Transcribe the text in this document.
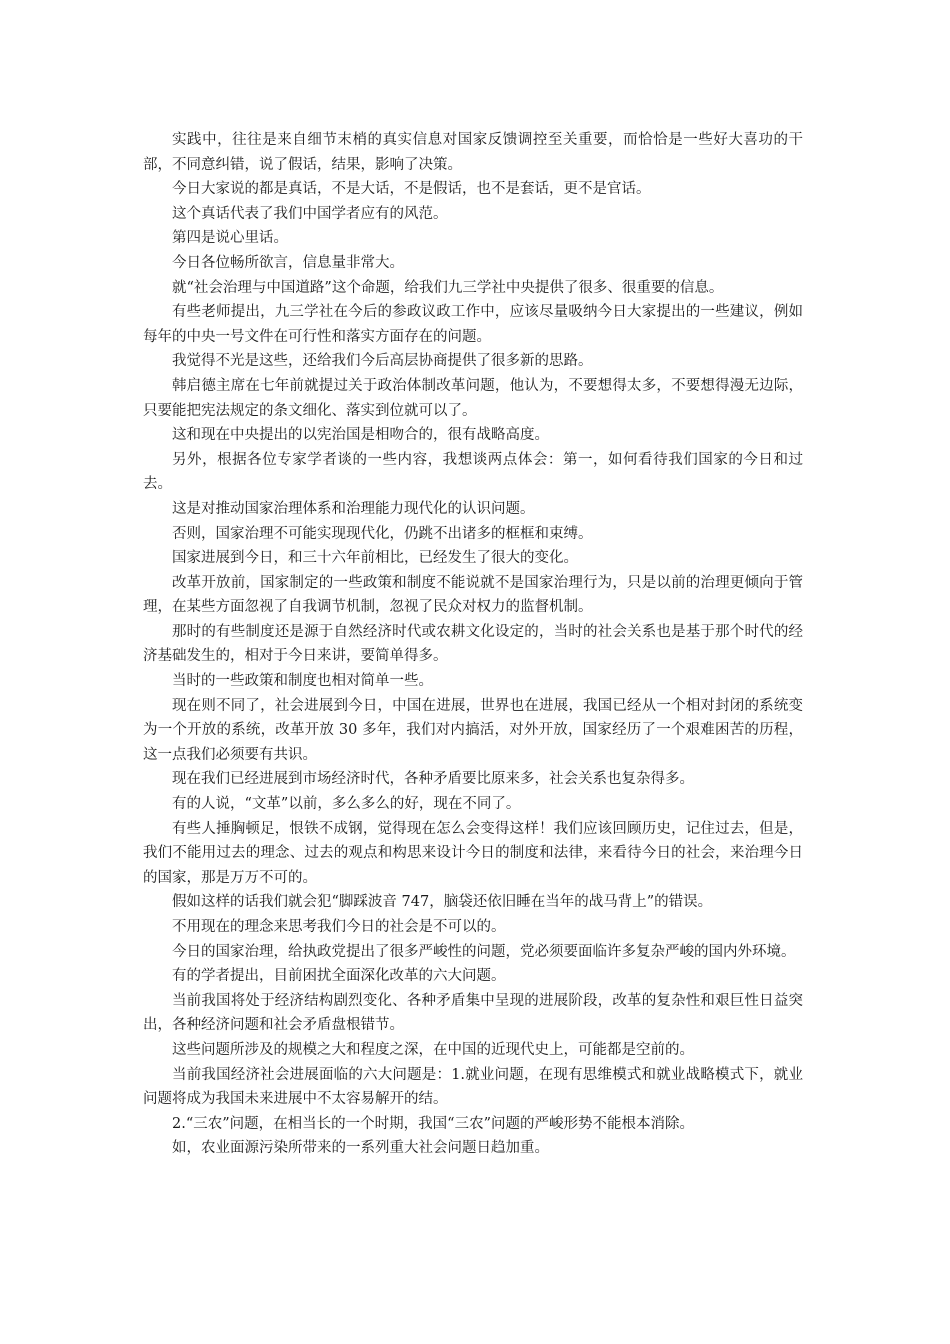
实践中，往往是来自细节末梢的真实信息对国家反馈调控至关重要，而恰恰是一些好大喜功的干部，不同意纠错，说了假话，结果，影响了决策。

今日大家说的都是真话，不是大话，不是假话，也不是套话，更不是官话。

这个真话代表了我们中国学者应有的风范。

第四是说心里话。

今日各位畅所欲言，信息量非常大。

就“社会治理与中国道路”这个命题，给我们九三学社中央提供了很多、很重要的信息。

有些老师提出，九三学社在今后的参政议政工作中，应该尽量吸纳今日大家提出的一些建议，例如每年的中央一号文件在可行性和落实方面存在的问题。

我觉得不光是这些，还给我们今后高层协商提供了很多新的思路。

韩启德主席在七年前就提过关于政治体制改革问题，他认为，不要想得太多，不要想得漫无边际，只要能把宪法规定的条文细化、落实到位就可以了。

这和现在中央提出的以宪治国是相吻合的，很有战略高度。

另外，根据各位专家学者谈的一些内容，我想谈两点体会：第一，如何看待我们国家的今日和过去。

这是对推动国家治理体系和治理能力现代化的认识问题。

否则，国家治理不可能实现现代化，仍跳不出诸多的框框和束缚。

国家进展到今日，和三十六年前相比，已经发生了很大的变化。

改革开放前，国家制定的一些政策和制度不能说就不是国家治理行为，只是以前的治理更倾向于管理，在某些方面忽视了自我调节机制，忽视了民众对权力的监督机制。

那时的有些制度还是源于自然经济时代或农耕文化设定的，当时的社会关系也是基于那个时代的经济基础发生的，相对于今日来讲，要简单得多。

当时的一些政策和制度也相对简单一些。

现在则不同了，社会进展到今日，中国在进展，世界也在进展，我国已经从一个相对封闭的系统变为一个开放的系统，改革开放 30 多年，我们对内搞活，对外开放，国家经历了一个艰难困苦的历程，这一点我们必须要有共识。

现在我们已经进展到市场经济时代，各种矛盾要比原来多，社会关系也复杂得多。

有的人说，“文革”以前，多么多么的好，现在不同了。

有些人捶胸顿足，恨铁不成钢，觉得现在怎么会变得这样！我们应该回顾历史，记住过去，但是，我们不能用过去的理念、过去的观点和构思来设计今日的制度和法律，来看待今日的社会，来治理今日的国家，那是万万不可的。

假如这样的话我们就会犯“脚踩波音 747，脑袋还依旧睡在当年的战马背上”的错误。

不用现在的理念来思考我们今日的社会是不可以的。

今日的国家治理，给执政党提出了很多严峻性的问题，党必须要面临许多复杂严峻的国内外环境。

有的学者提出，目前困扰全面深化改革的六大问题。

当前我国将处于经济结构剧烈变化、各种矛盾集中呈现的进展阶段，改革的复杂性和艰巨性日益突出，各种经济问题和社会矛盾盘根错节。

这些问题所涉及的规模之大和程度之深，在中国的近现代史上，可能都是空前的。

当前我国经济社会进展面临的六大问题是：1.就业问题，在现有思维模式和就业战略模式下，就业问题将成为我国未来进展中不太容易解开的结。

2.“三农”问题，在相当长的一个时期，我国“三农”问题的严峻形势不能根本消除。

如，农业面源污染所带来的一系列重大社会问题日趋加重。
